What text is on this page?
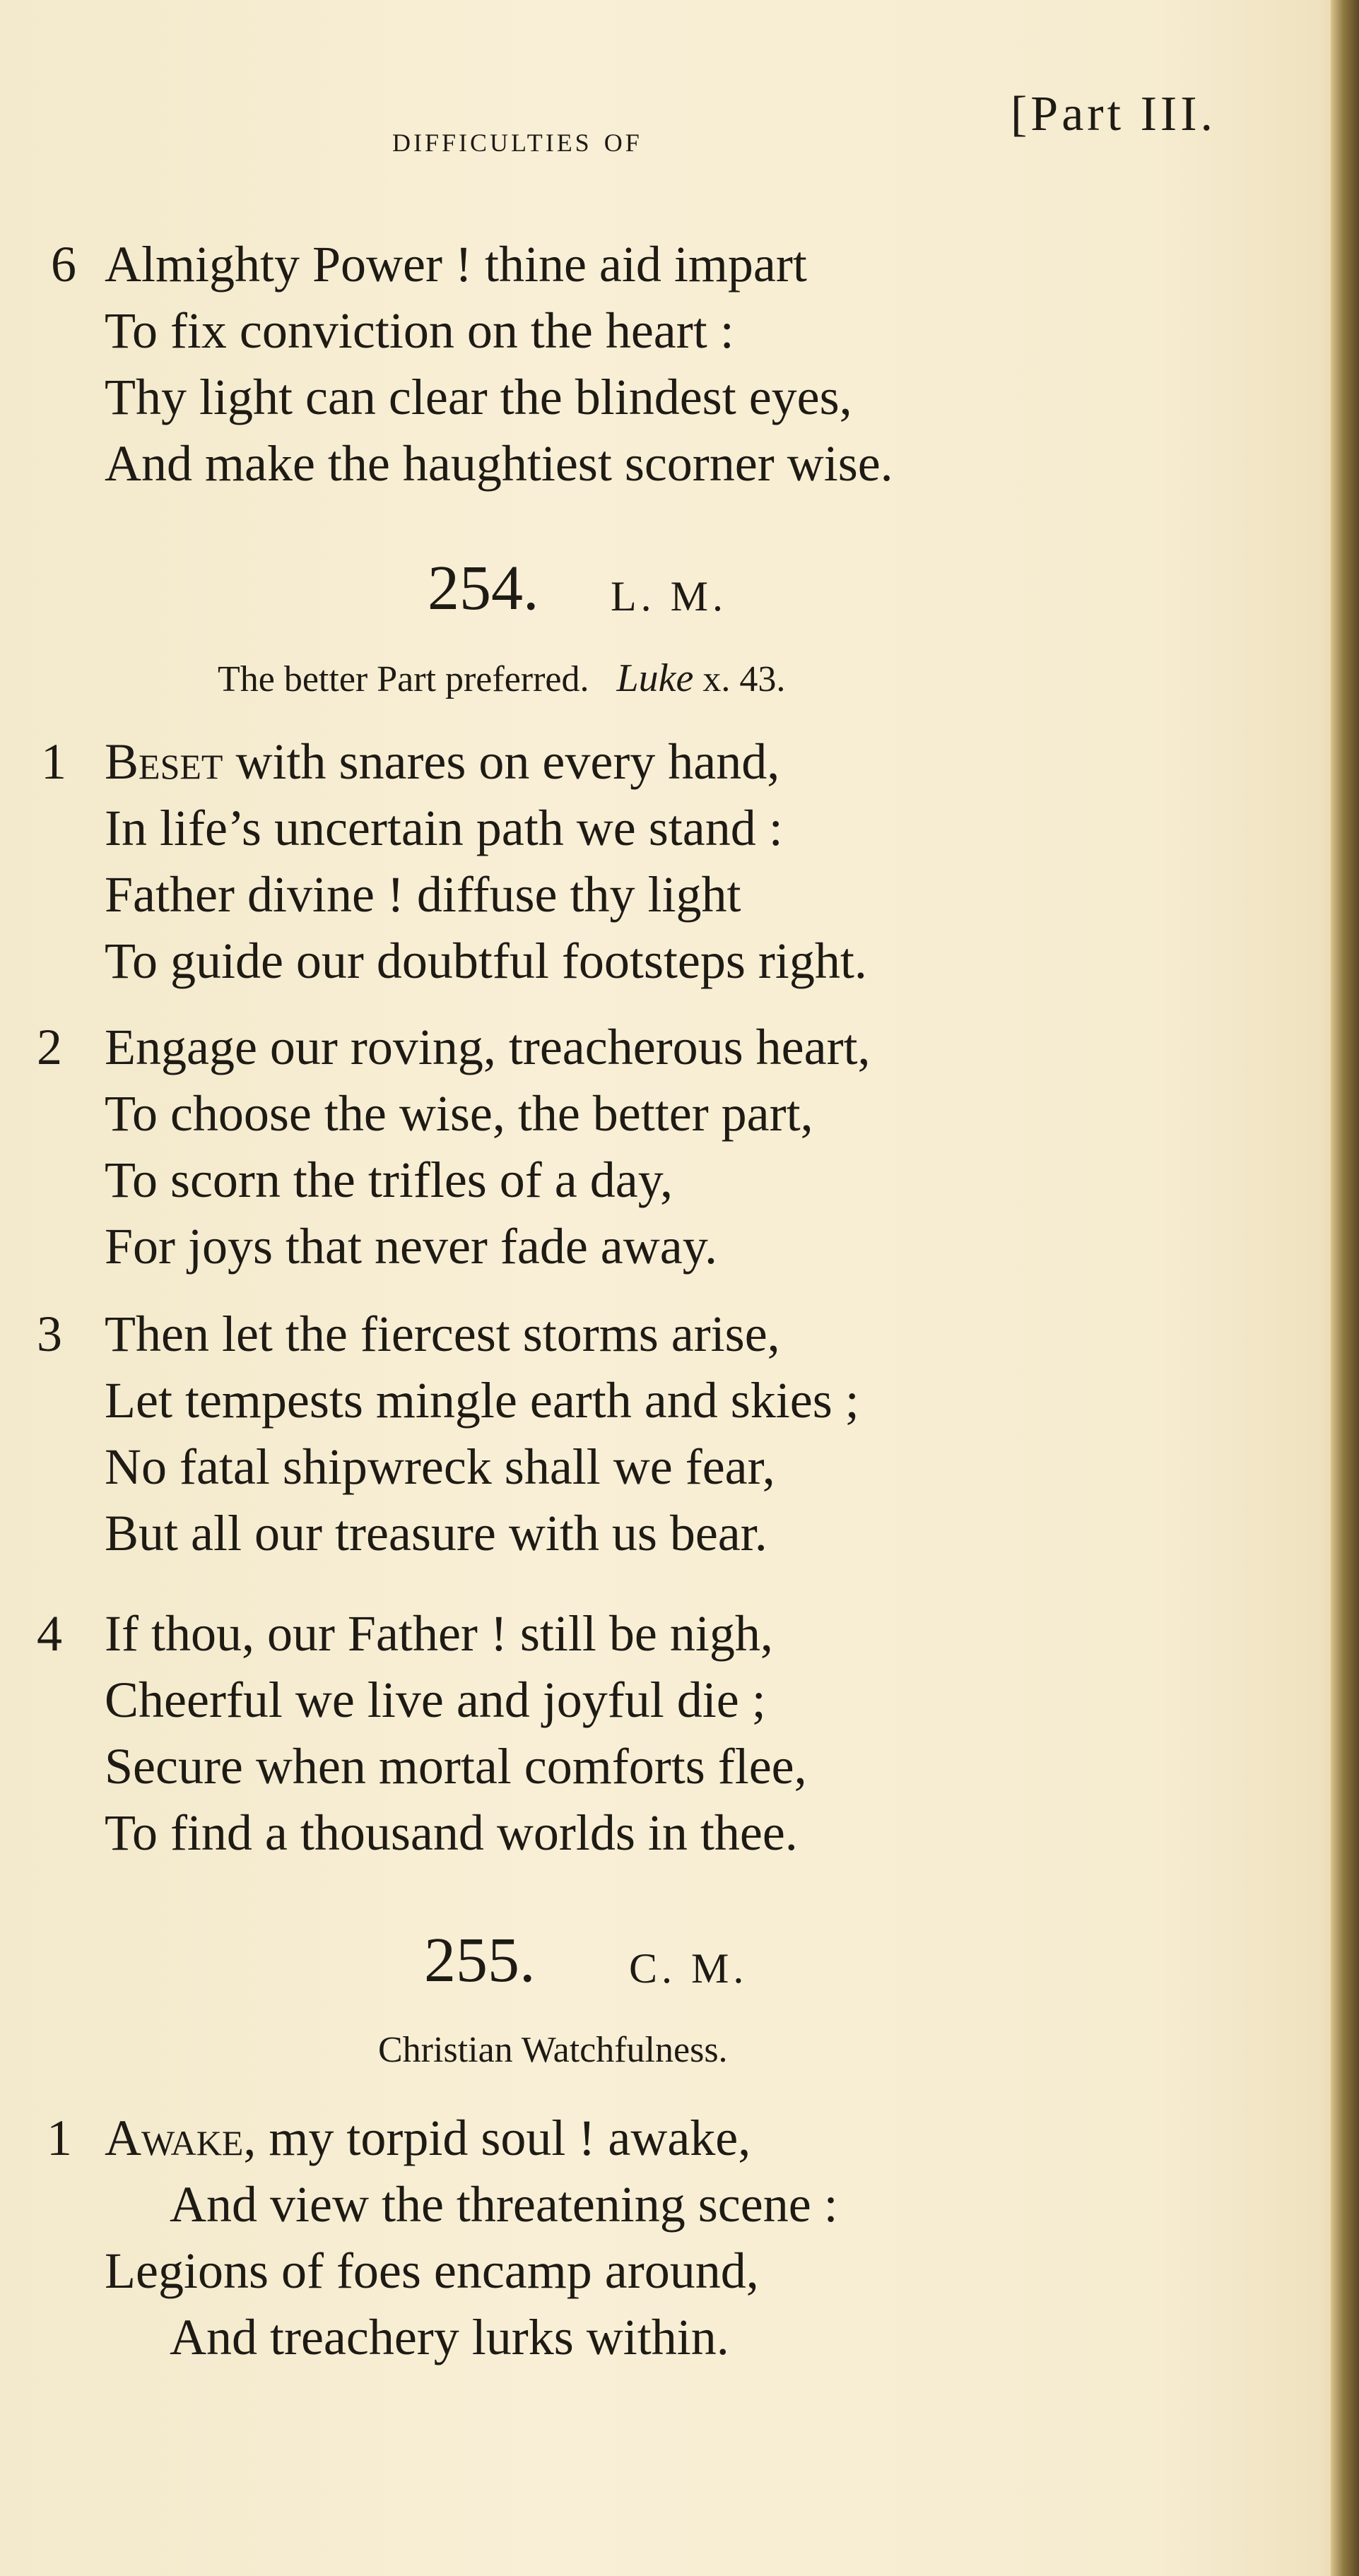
difficulties of	[Part III.
6 Almighty Power ! thine aid impart
To fix conviction on the heart :
Thy light can clear the blindest eyes,
And make the haughtiest scorner wise.
254. L. M.
The better Part preferred. Luke x. 43.
1 Beset with snares on every hand,
In life’s uncertain path we stand :
Father divine ! diffuse thy light
To guide our doubtful footsteps right.
2 Engage our roving, treacherous heart,
To choose the wise, the better part,
To scorn the trifles of a day,
For joys that never fade away.
3 Then let the fiercest storms arise,
Let tempests mingle earth and skies ;
No fatal shipwreck shall we fear,
But all our treasure with us bear.
4 If thou, our Father ! still be nigh,
Cheerful we live and joyful die ;
Secure when mortal comforts flee,
To find a thousand worlds in thee.
255. C. M.
Christian Watchfulness.
1 Awake, my torpid soul ! awake,
And view the threatening scene :
Legions of foes encamp around,
And treachery lurks within.
